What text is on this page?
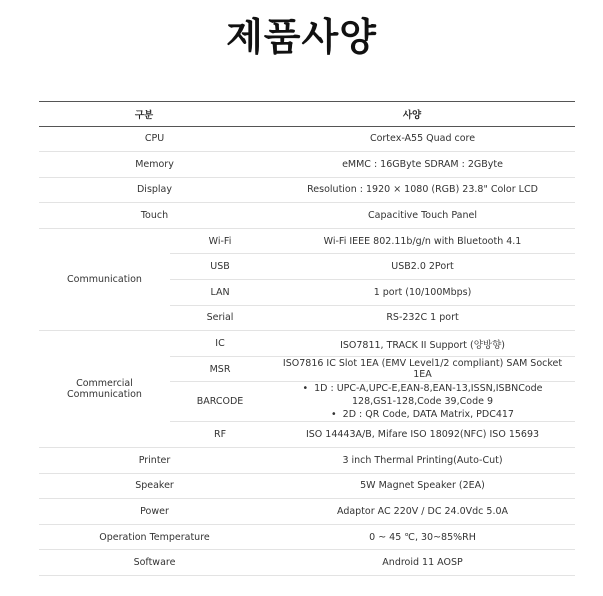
제품사양
구분	사양
CPU		Cortex-A55 Quad core
Memory		eMMC : 16GByte SDRAM : 2GByte
Display		Resolution : 1920 × 1080 (RGB) 23.8" Color LCD
Touch		Capacitive Touch Panel
Communication	Wi-Fi	Wi-Fi IEEE 802.11b/g/n with Bluetooth 4.1
	USB	USB2.0 2Port
	LAN	1 port (10/100Mbps)
	Serial	RS-232C 1 port

Commercial
Communication	IC	ISO7811, TRACK II Support (양방향)
	MSR	ISO7816 IC Slot 1EA (EMV Level1/2 compliant) SAM Socket 1EA
	BARCODE	• 1D : UPC-A,UPC-E,EAN-8,EAN-13,ISSN,ISBNCode
128,GS1-128,Code 39,Code 9
• 2D : QR Code, DATA Matrix, PDC417

	RF	ISO 14443A/B, Mifare ISO 18092(NFC) ISO 15693
Printer		3 inch Thermal Printing(Auto-Cut)
Speaker		5W Magnet Speaker (2EA)
Power		Adaptor AC 220V / DC 24.0Vdc 5.0A
Operation Temperature		0 ~ 45 ℃, 30~85%RH
Software		Android 11 AOSP
